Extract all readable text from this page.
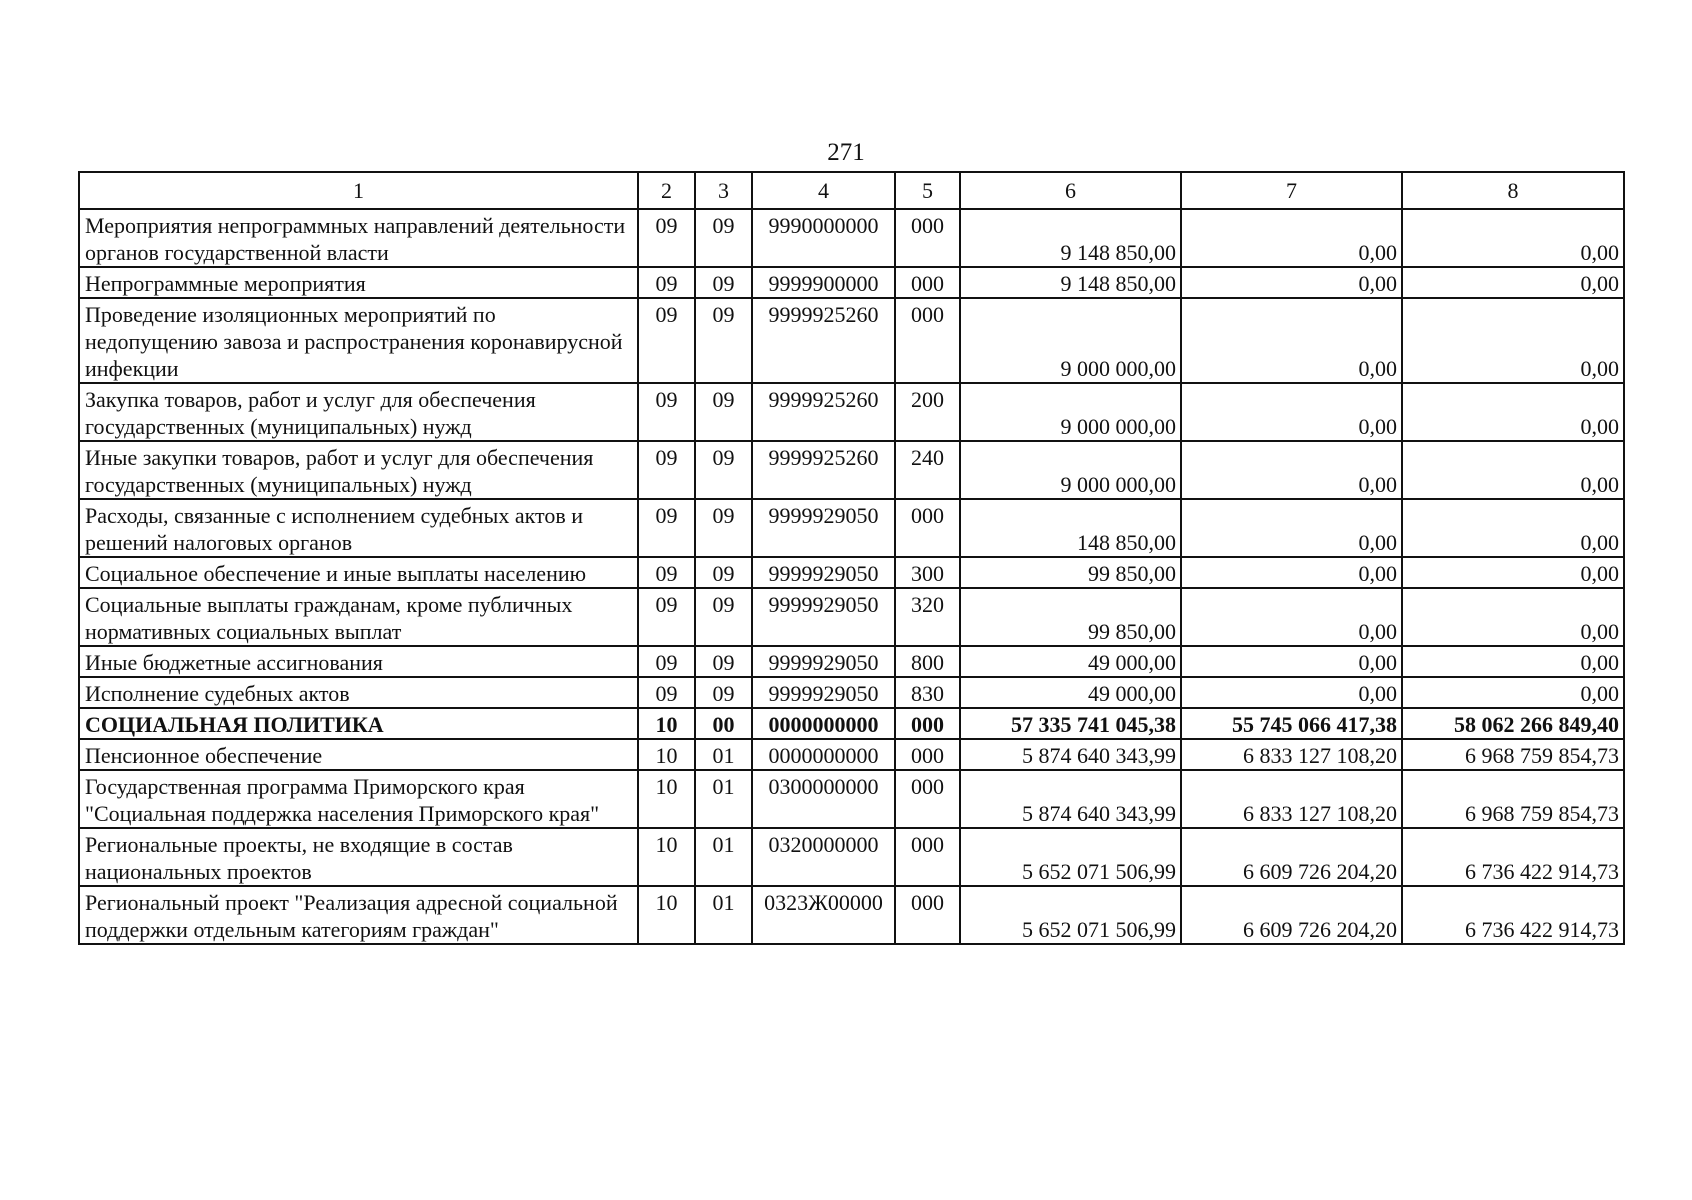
271
1	2	3	4	5	6	7	8
Мероприятия непрограммных направлений деятельности органов государственной власти	09	09	9990000000	000	9 148 850,00	0,00	0,00
Непрограммные мероприятия	09	09	9999900000	000	9 148 850,00	0,00	0,00
Проведение изоляционных мероприятий по недопущению завоза и распространения коронавирусной инфекции	09	09	9999925260	000	9 000 000,00	0,00	0,00
Закупка товаров, работ и услуг для обеспечения государственных (муниципальных) нужд	09	09	9999925260	200	9 000 000,00	0,00	0,00
Иные закупки товаров, работ и услуг для обеспечения государственных (муниципальных) нужд	09	09	9999925260	240	9 000 000,00	0,00	0,00
Расходы, связанные с исполнением судебных актов и решений налоговых органов	09	09	9999929050	000	148 850,00	0,00	0,00
Социальное обеспечение и иные выплаты населению	09	09	9999929050	300	99 850,00	0,00	0,00
Социальные выплаты гражданам, кроме публичных нормативных социальных выплат	09	09	9999929050	320	99 850,00	0,00	0,00
Иные бюджетные ассигнования	09	09	9999929050	800	49 000,00	0,00	0,00
Исполнение судебных актов	09	09	9999929050	830	49 000,00	0,00	0,00
СОЦИАЛЬНАЯ ПОЛИТИКА	10	00	0000000000	000	57 335 741 045,38	55 745 066 417,38	58 062 266 849,40
Пенсионное обеспечение	10	01	0000000000	000	5 874 640 343,99	6 833 127 108,20	6 968 759 854,73
Государственная программа Приморского края "Социальная поддержка населения Приморского края"	10	01	0300000000	000	5 874 640 343,99	6 833 127 108,20	6 968 759 854,73
Региональные проекты, не входящие в состав национальных проектов	10	01	0320000000	000	5 652 071 506,99	6 609 726 204,20	6 736 422 914,73
Региональный проект "Реализация адресной социальной поддержки отдельным категориям граждан"	10	01	0323Ж00000	000	5 652 071 506,99	6 609 726 204,20	6 736 422 914,73
